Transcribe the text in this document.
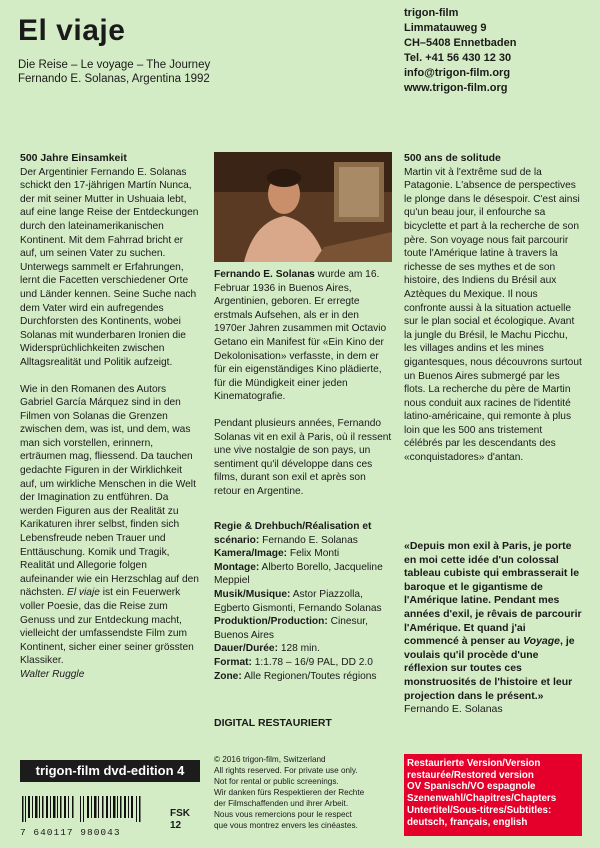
El viaje
Die Reise – Le voyage – The Journey
Fernando E. Solanas, Argentina 1992
trigon-film
Limmatauweg 9
CH–5408 Ennetbaden
Tel. +41 56 430 12 30
info@trigon-film.org
www.trigon-film.org
500 Jahre Einsamkeit

Der Argentinier Fernando E. Solanas schickt den 17-jährigen Martín Nunca, der mit seiner Mutter in Ushuaia lebt, auf eine lange Reise der Entdeckungen durch den lateinamerikanischen Kontinent. Mit dem Fahrrad bricht er auf, um seinen Vater zu suchen. Unterwegs sammelt er Erfahrungen, lernt die Facetten verschiedener Orte und Länder kennen. Seine Suche nach dem Vater wird ein aufregendes Durchforsten des Kontinents, wobei Solanas mit wunderbaren Ironien die Widersprüchlichkeiten zwischen Alltagsrealität und Politik aufzeigt.

Wie in den Romanen des Autors Gabriel García Márquez sind in den Filmen von Solanas die Grenzen zwischen dem, was ist, und dem, was man sich vorstellen, erinnern, erträumen mag, fliessend. Da tauchen gedachte Figuren in der Wirklichkeit auf, um wirkliche Menschen in die Welt der Imagination zu entführen. Da werden Figuren aus der Realität zu Karikaturen ihrer selbst, finden sich Lebensfreude neben Trauer und Enttäuschung. Komik und Tragik, Realität und Allegorie folgen aufeinander wie ein Herzschlag auf den nächsten. El viaje ist ein Feuerwerk voller Poesie, das die Reise zum Genuss und zur Entdeckung macht, vielleicht der umfassendste Film zum Kontinent, sicher einer seiner grössten Klassiker.

Walter Ruggle

Fernando E. Solanas wurde am 16. Februar 1936 in Buenos Aires, Argentinien, geboren. Er erregte erstmals Aufsehen, als er in den 1970er Jahren zusammen mit Octavio Getano ein Manifest für «Ein Kino der Dekolonisation» verfasste, in dem er für ein eigenständiges Kino plädierte, für die Mündigkeit einer jeden Kinematografie.

Pendant plusieurs années, Fernando Solanas vit en exil à Paris, où il ressent une vive nostalgie de son pays, un sentiment qu'il développe dans ces films, durant son exil et après son retour en Argentine.

Regie & Drehbuch/Réalisation et scénario: Fernando E. Solanas

Kamera/Image: Felix Monti

Montage: Alberto Borello, Jacqueline Meppiel

Musik/Musique: Astor Piazzolla, Egberto Gismonti, Fernando Solanas

Produktion/Production: Cinesur, Buenos Aires

Dauer/Durée: 128 min.

Format: 1:1.78 – 16/9 PAL, DD 2.0

Zone: Alle Regionen/Toutes régions

DIGITAL RESTAURIERT
500 ans de solitude

Martin vit à l'extrême sud de la Patagonie. L'absence de perspectives le plonge dans le désespoir. C'est ainsi qu'un beau jour, il enfourche sa bicyclette et part à la recherche de son père. Son voyage nous fait parcourir toute l'Amérique latine à travers la richesse de ses mythes et de son histoire, des Indiens du Brésil aux Aztèques du Mexique. Il nous confronte aussi à la situation actuelle sur le plan social et écologique. Avant la jungle du Brésil, le Machu Picchu, les villages andins et les mines gigantesques, nous découvrons surtout un Buenos Aires submergé par les flots. La recherche du père de Martin nous conduit aux racines de l'identité latino-américaine, qui remonte à plus loin que les 500 ans tristement célébrés par les descendants des «conquistadores» d'antan.

«Depuis mon exil à Paris, je porte en moi cette idée d'un colossal tableau cubiste qui embrasserait le baroque et le gigantisme de l'Amérique latine. Pendant mes années d'exil, je rêvais de parcourir l'Amérique. Et quand j'ai commencé à penser au Voyage, je voulais qu'il procède d'une réflexion sur toutes ces monstruosités de l'histoire et leur projection dans le présent.»
Fernando E. Solanas
trigon-film dvd-edition 4
7 640117 980043
FSK
12
© 2016 trigon-film, Switzerland
All rights reserved. For private use only.
Not for rental or public screenings.
Wir danken fürs Respektieren der Rechte
der Filmschaffenden und ihrer Arbeit.
Nous vous remercions pour le respect
que vous montrez envers les cinéastes.
Restaurierte Version/Version
restaurée/Restored version
OV Spanisch/VO espagnole
Szenenwahl/Chapitres/Chapters
Untertitel/Sous-titres/Subtitles:
deutsch, français, english
